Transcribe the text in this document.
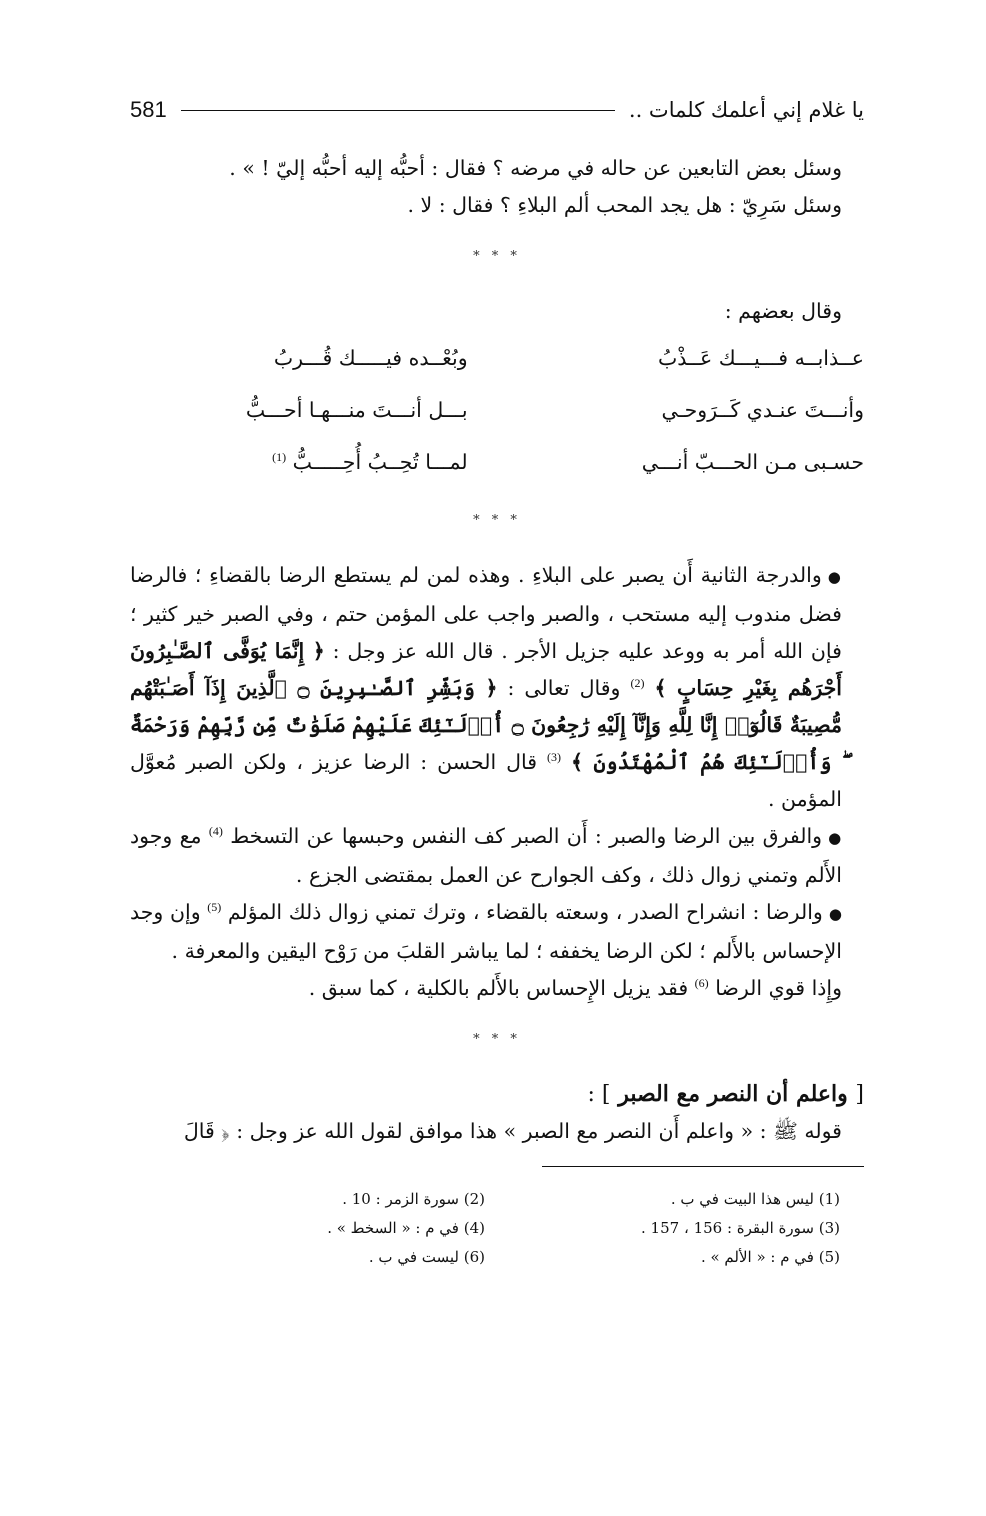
يا غلام إني أعلمك كلمات ..
581

وسئل بعض التابعين عن حاله في مرضه ؟ فقال : أحبُّه إليه أحبُّه إليّ ! » .

وسئل سَرِيّ : هل يجد المحب ألم البلاءِ ؟ فقال : لا .

* * *

وقال بعضهم :

عــذابــه فـــيـــك عَــذْبُ
وبُعْــده فيـــــك قُـــربُ
وأنـــتَ عنـدي كَــرَوحـي
بـــل أنـــتَ منـــهـا أحـــبُّ
حسـبى مـن الحـــبّ أنـــي
لمـــا تُحِــبُ أُحِـــــبُّ $^{(1)}$
* * *

●والدرجة الثانية أَن يصبر على البلاءِ . وهذه لمن لم يستطع الرضا بالقضاءِ ؛ فالرضا فضل مندوب إليه مستحب ، والصبر واجب على المؤمن حتم ، وفي الصبر خير كثير ؛ فإن الله أمر به ووعد عليه جزيل الأجر . قال الله عز وجل : ﴿ إِنَّمَا يُوَفَّى ٱلصَّـٰبِرُونَ أَجْرَهُم بِغَيْرِ حِسَابٍ ﴾ $^{(2)}$ وقال تعالى : ﴿ وَبَشِّرِ ٱلصَّـٰبِرِينَ ۝ ٱلَّذِينَ إِذَآ أَصَـٰبَتْهُم مُّصِيبَةٌ قَالُوٓا۟ إِنَّا لِلَّهِ وَإِنَّآ إِلَيْهِ رَٰجِعُونَ ۝ أُو۟لَـٰٓئِكَ عَلَيْهِمْ صَلَوَٰتٌ مِّن رَّبِّهِمْ وَرَحْمَةٌ ۖ وَأُو۟لَـٰٓئِكَ هُمُ ٱلْمُهْتَدُونَ ﴾ $^{(3)}$ قال الحسن : الرضا عزيز ، ولكن الصبر مُعوَّل المؤمن .

●والفرق بين الرضا والصبر : أَن الصبر كف النفس وحبسها عن التسخط $^{(4)}$ مع وجود الأَلم وتمني زوال ذلك ، وكف الجوارح عن العمل بمقتضى الجزع .

●والرضا : انشراح الصدر ، وسعته بالقضاء ، وترك تمني زوال ذلك المؤلم $^{(5)}$ وإن وجد الإحساس بالأَلم ؛ لكن الرضا يخففه ؛ لما يباشر القلبَ من رَوْح اليقين والمعرفة .

وإِذا قوي الرضا $^{(6)}$ فقد يزيل الإِحساس بالأَلم بالكلية ، كما سبق .

* * *
[ واعلم أن النصر مع الصبر ] :

قوله ﷺ : « واعلم أَن النصر مع الصبر » هذا موافق لقول الله عز وجل : ﴿ قَالَ

(1) ليس هذا البيت في ب .
(2) سورة الزمر : 10 .
(3) سورة البقرة : 156 ، 157 .
(4) في م : « السخط » .
(5) في م : « الألم » .
(6) ليست في ب .
